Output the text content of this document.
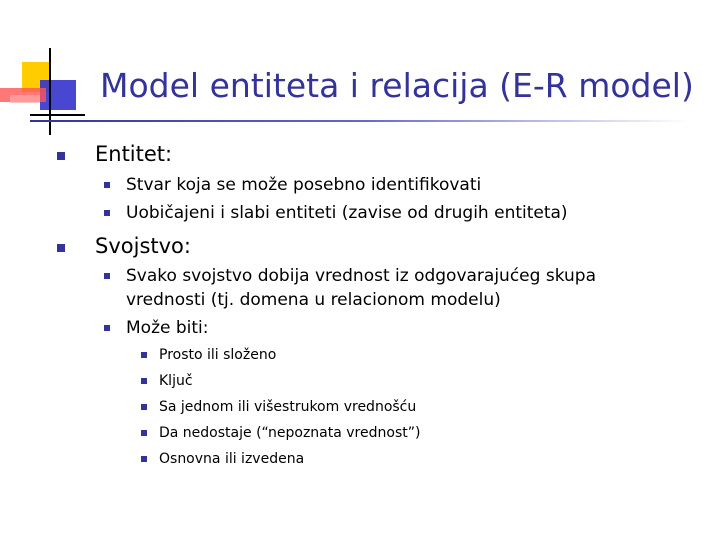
Model entiteta i relacija (E-R model)
Entitet:
Stvar koja se može posebno identifikovati
Uobičajeni i slabi entiteti (zavise od drugih entiteta)
Svojstvo:
Svako svojstvo dobija vrednost iz odgovarajućeg skupa
vrednosti (tj. domena u relacionom modelu)
Može biti:
Prosto ili složeno
Ključ
Sa jednom ili višestrukom vrednošću
Da nedostaje (“nepoznata vrednost”)
Osnovna ili izvedena
